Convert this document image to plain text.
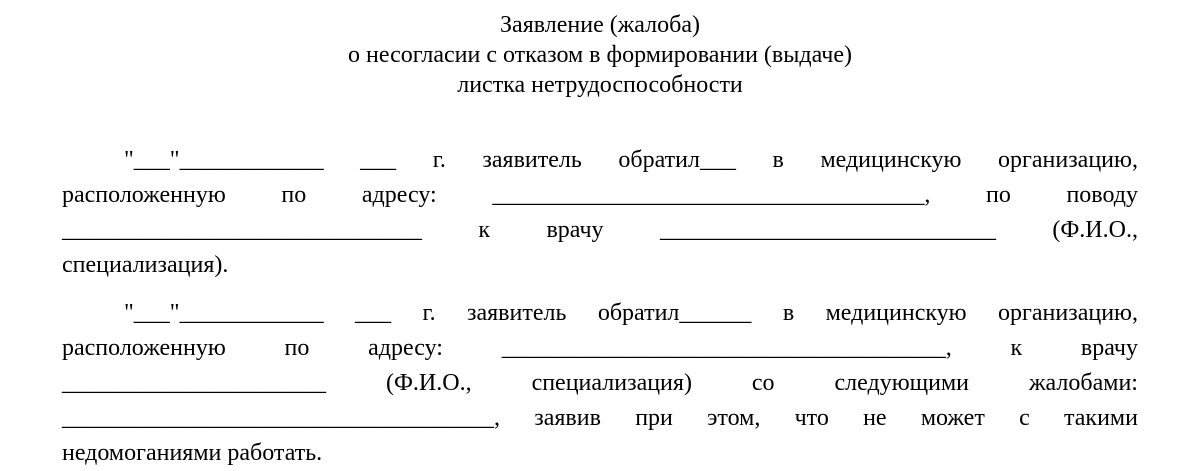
Заявление (жалоба)
о несогласии с отказом в формировании (выдаче)
листка нетрудоспособности
"___"____________ ___ г. заявитель обратил___ в медицинскую организацию,
расположенную по адресу: ____________________________________, по поводу
______________________________ к врачу ____________________________ (Ф.И.О.,
специализация).
"___"____________ ___ г. заявитель обратил______ в медицинскую организацию,
расположенную по адресу: _____________________________________, к врачу
______________________ (Ф.И.О., специализация) со следующими жалобами:
____________________________________, заявив при этом, что не может с такими
недомоганиями работать.
